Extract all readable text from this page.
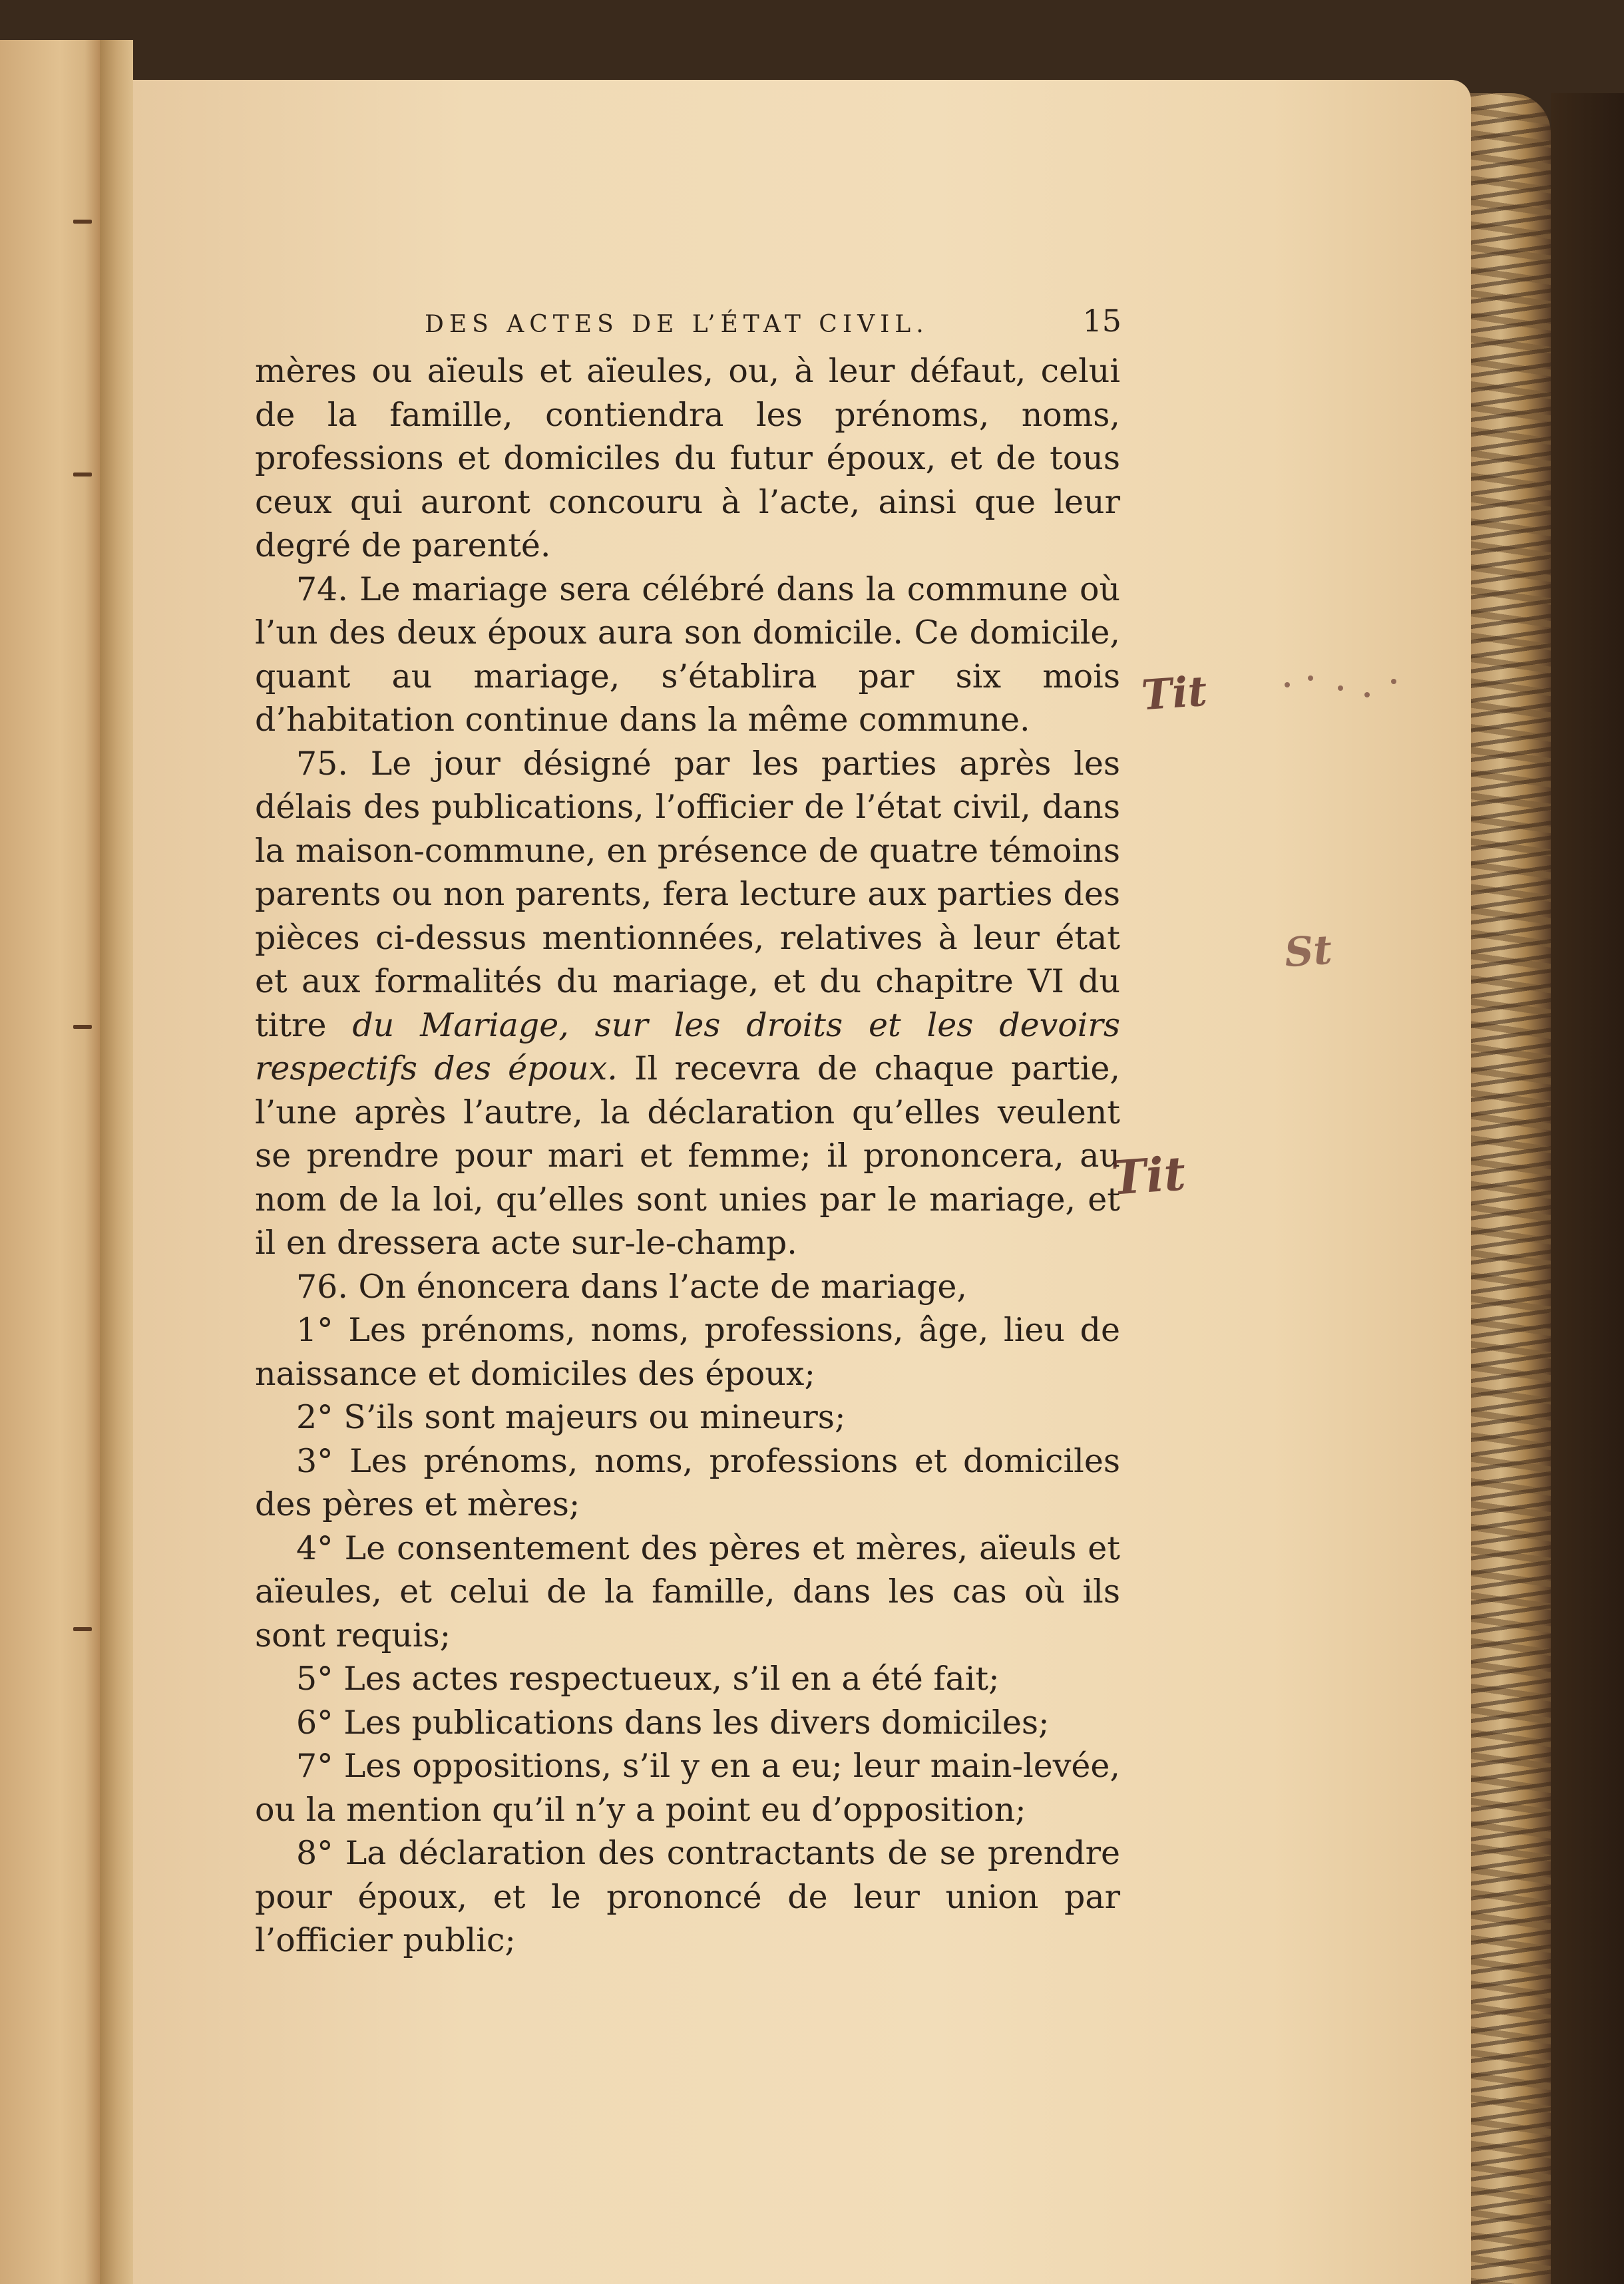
DES ACTES DE L’ÉTAT CIVIL.	15

mères ou aïeuls et aïeules, ou, à leur défaut, celui de la famille, contiendra les prénoms, noms, professions et domiciles du futur époux, et de tous ceux qui auront concouru à l’acte, ainsi que leur degré de parenté.

74. Le mariage sera célébré dans la commune où l’un des deux époux aura son domicile. Ce domicile, quant au mariage, s’établira par six mois d’habitation continue dans la même commune.

75. Le jour désigné par les parties après les délais des publications, l’officier de l’état civil, dans la maison-commune, en présence de quatre témoins parents ou non parents, fera lecture aux parties des pièces ci-dessus mentionnées, relatives à leur état et aux formalités du mariage, et du chapitre VI du titre du Mariage, sur les droits et les devoirs respectifs des époux. Il recevra de chaque partie, l’une après l’autre, la déclaration qu’elles veulent se prendre pour mari et femme; il prononcera, au nom de la loi, qu’elles sont unies par le mariage, et il en dressera acte sur-le-champ.

76. On énoncera dans l’acte de mariage,

1° Les prénoms, noms, professions, âge, lieu de naissance et domiciles des époux;

2° S’ils sont majeurs ou mineurs;

3° Les prénoms, noms, professions et domiciles des pères et mères;

4° Le consentement des pères et mères, aïeuls et aïeules, et celui de la famille, dans les cas où ils sont requis;

5° Les actes respectueux, s’il en a été fait;

6° Les publications dans les divers domiciles;

7° Les oppositions, s’il y en a eu; leur main-levée, ou la mention qu’il n’y a point eu d’opposition;

8° La déclaration des contractants de se prendre pour époux, et le prononcé de leur union par l’officier public;

Tit
St
Tit
